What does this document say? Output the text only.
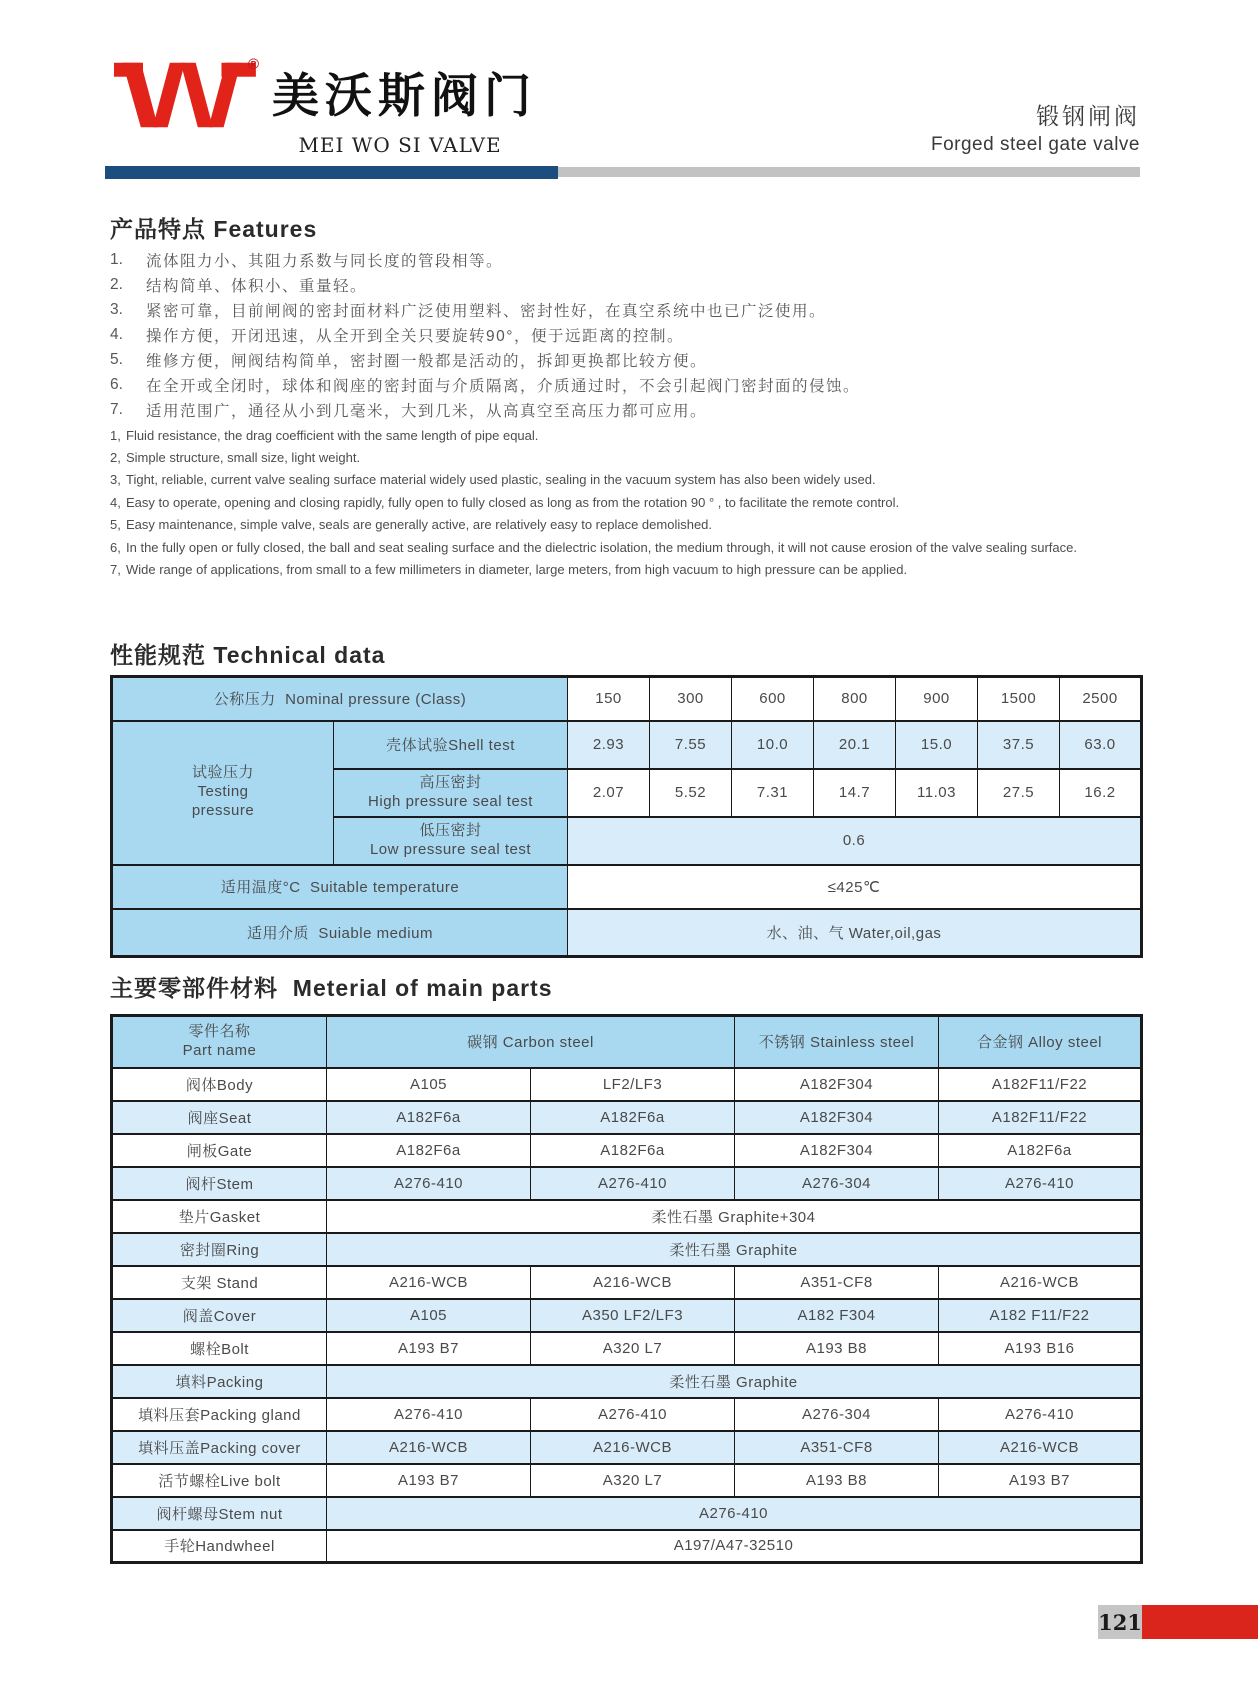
®
美沃斯阀门
MEI WO SI VALVE
锻钢闸阀
Forged steel gate valve
产品特点 Features
1.	流体阻力小、其阻力系数与同长度的管段相等。
2.	结构简单、体积小、重量轻。
3.	紧密可靠，目前闸阀的密封面材料广泛使用塑料、密封性好，在真空系统中也已广泛使用。
4.	操作方便，开闭迅速，从全开到全关只要旋转90°，便于远距离的控制。
5.	维修方便，闸阀结构简单，密封圈一般都是活动的，拆卸更换都比较方便。
6.	在全开或全闭时，球体和阀座的密封面与介质隔离，介质通过时，不会引起阀门密封面的侵蚀。
7.	适用范围广，通径从小到几毫米，大到几米，从高真空至高压力都可应用。
1, Fluid resistance, the drag coefficient with the same length of pipe equal.
2, Simple structure, small size, light weight.
3, Tight, reliable, current valve sealing surface material widely used plastic, sealing in the vacuum system has also been widely used.
4, Easy to operate, opening and closing rapidly, fully open to fully closed as long as from the rotation 90 ° , to facilitate the remote control.
5, Easy maintenance, simple valve, seals are generally active, are relatively easy to replace demolished.
6, In the fully open or fully closed, the ball and seat sealing surface and the dielectric isolation, the medium through, it will not cause erosion of the valve sealing surface.
7, Wide range of applications, from small to a few millimeters in diameter, large meters, from high vacuum to high pressure can be applied.
性能规范 Technical data
公称压力  Nominal pressure (Class)		150	300	600	800	900	1500	2500

试验压力
Testing
pressure	壳体试验Shell test	2.93	7.55	10.0	20.1	15.0	37.5	63.0

	高压密封
High pressure seal test	2.07	5.52	7.31	14.7	11.03	27.5	16.2

	低压密封
Low pressure seal test	0.6						
适用温度°C  Suitable temperature		≤425℃						
适用介质  Suiable medium		水、油、气 Water,oil,gas						
主要零部件材料  Meterial of main parts
零件名称
Part name	碳钢 Carbon steel		不锈钢 Stainless steel	合金钢 Alloy steel
阀体Body	A105	LF2/LF3	A182F304	A182F11/F22
阀座Seat	A182F6a	A182F6a	A182F304	A182F11/F22
闸板Gate	A182F6a	A182F6a	A182F304	A182F6a
阀杆Stem	A276-410	A276-410	A276-304	A276-410
垫片Gasket	柔性石墨 Graphite+304			
密封圈Ring	柔性石墨 Graphite			
支架 Stand	A216-WCB	A216-WCB	A351-CF8	A216-WCB
阀盖Cover	A105	A350 LF2/LF3	A182 F304	A182 F11/F22
螺栓Bolt	A193 B7	A320 L7	A193 B8	A193 B16
填料Packing	柔性石墨 Graphite			
填料压套Packing gland	A276-410	A276-410	A276-304	A276-410
填料压盖Packing cover	A216-WCB	A216-WCB	A351-CF8	A216-WCB
活节螺栓Live bolt	A193 B7	A320 L7	A193 B8	A193 B7
阀杆螺母Stem nut	A276-410			
手轮Handwheel	A197/A47-32510			
121
